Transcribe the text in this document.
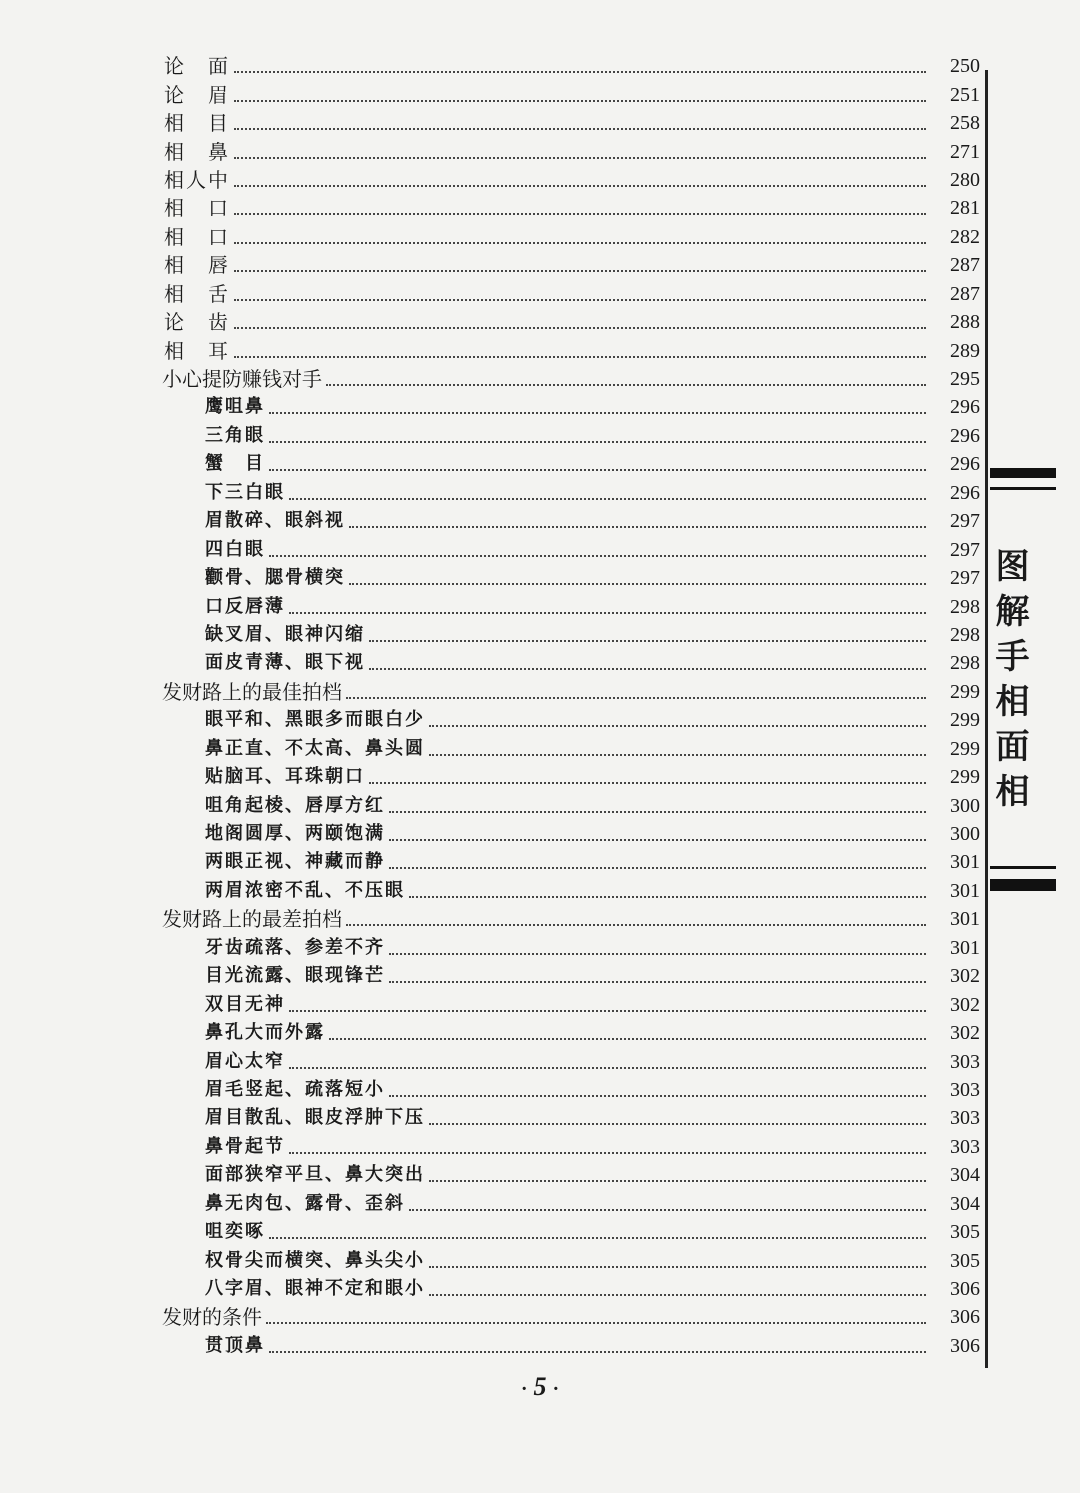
论　面	250
论　眉	251
相　目	258
相　鼻	271
相人中	280
相　口	281
相　口	282
相　唇	287
相　舌	287
论　齿	288
相　耳	289
小心提防赚钱对手	295
鹰咀鼻	296
三角眼	296
蟹　目	296
下三白眼	296
眉散碎、眼斜视	297
四白眼	297
颧骨、腮骨横突	297
口反唇薄	298
缺叉眉、眼神闪缩	298
面皮青薄、眼下视	298
发财路上的最佳拍档	299
眼平和、黑眼多而眼白少	299
鼻正直、不太高、鼻头圆	299
贴脑耳、耳珠朝口	299
咀角起棱、唇厚方红	300
地阁圆厚、两颐饱满	300
两眼正视、神藏而静	301
两眉浓密不乱、不压眼	301
发财路上的最差拍档	301
牙齿疏落、参差不齐	301
目光流露、眼现锋芒	302
双目无神	302
鼻孔大而外露	302
眉心太窄	303
眉毛竖起、疏落短小	303
眉目散乱、眼皮浮肿下压	303
鼻骨起节	303
面部狭窄平旦、鼻大突出	304
鼻无肉包、露骨、歪斜	304
咀奕啄	305
权骨尖而横突、鼻头尖小	305
八字眉、眼神不定和眼小	306
发财的条件	306
贯顶鼻	306
图解手相面相
· 5 ·
